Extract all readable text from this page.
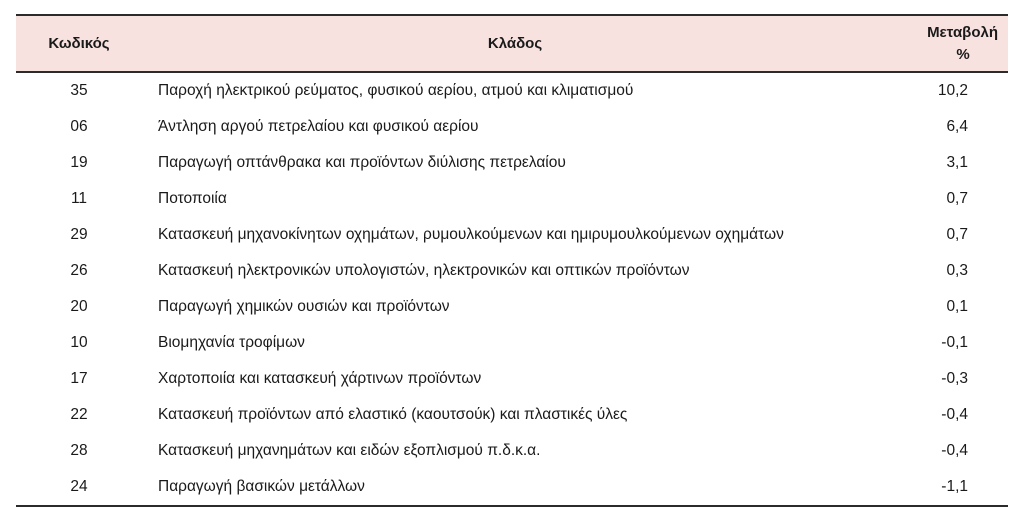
Κωδικός	Κλάδος	Μεταβολή
%

35	Παροχή ηλεκτρικού ρεύματος, φυσικού αερίου, ατμού και κλιματισμού	10,2
06	Άντληση αργού πετρελαίου και φυσικού αερίου	6,4
19	Παραγωγή οπτάνθρακα και προϊόντων διύλισης πετρελαίου	3,1
11	Ποτοποιία	0,7
29	Κατασκευή μηχανοκίνητων οχημάτων, ρυμουλκούμενων και ημιρυμουλκούμενων οχημάτων	0,7
26	Κατασκευή ηλεκτρονικών υπολογιστών, ηλεκτρονικών και οπτικών προϊόντων	0,3
20	Παραγωγή χημικών ουσιών και προϊόντων	0,1
10	Βιομηχανία τροφίμων	-0,1
17	Χαρτοποιία και κατασκευή χάρτινων προϊόντων	-0,3
22	Κατασκευή προϊόντων από ελαστικό (καουτσούκ) και πλαστικές ύλες	-0,4
28	Κατασκευή μηχανημάτων και ειδών εξοπλισμού π.δ.κ.α.	-0,4
24	Παραγωγή βασικών μετάλλων	-1,1
